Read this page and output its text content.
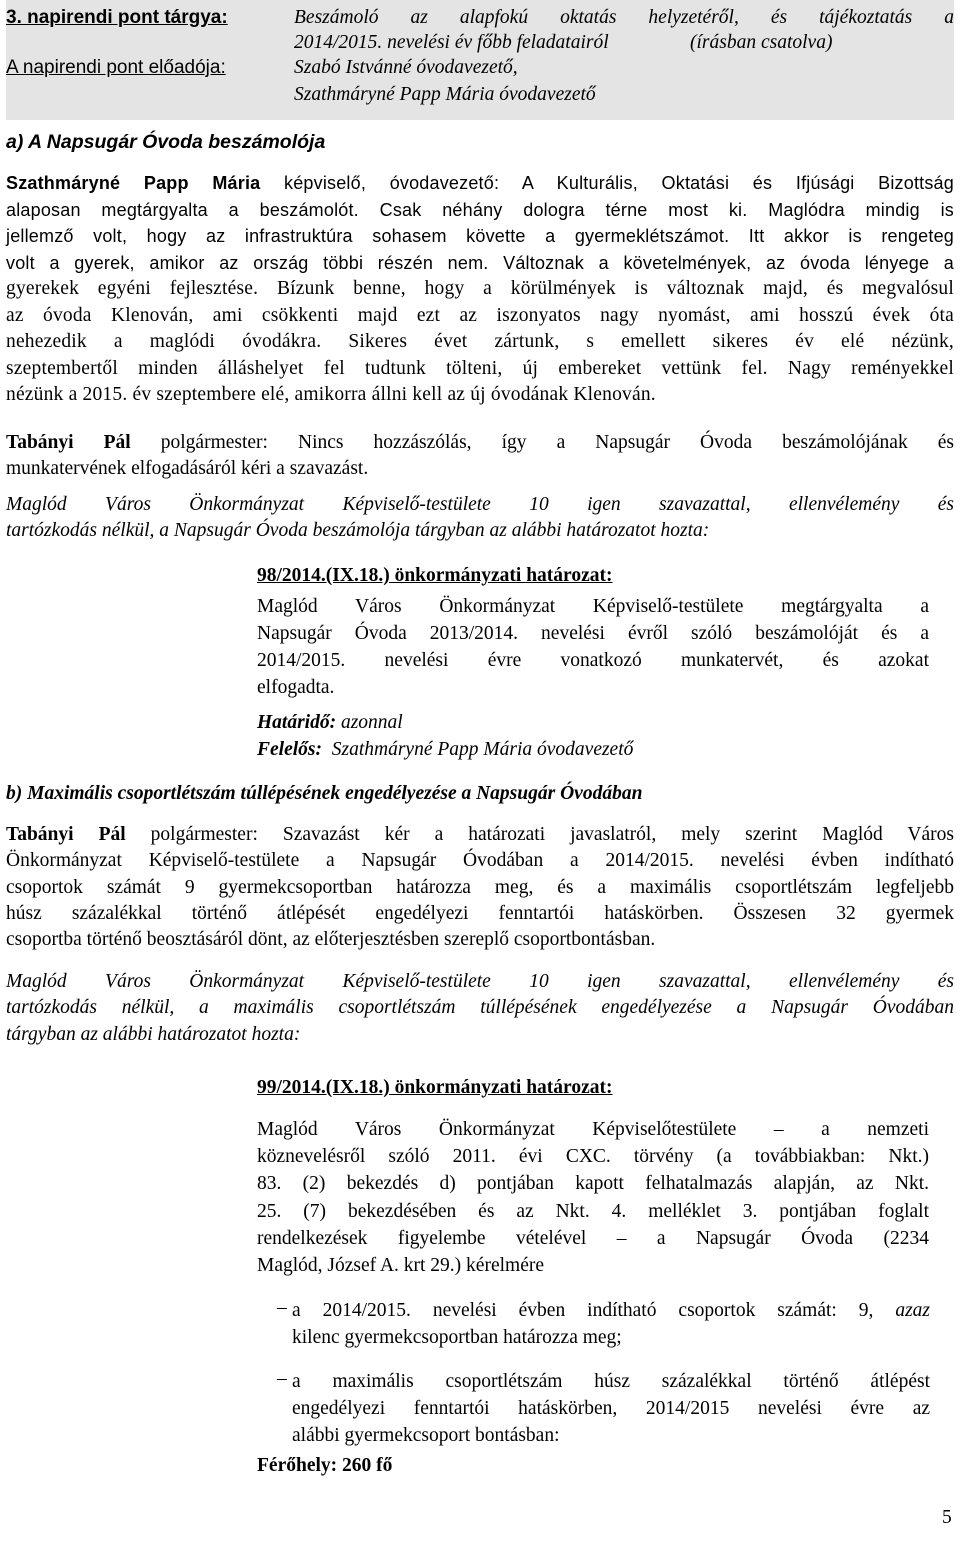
3. napirendi pont tárgya:	Beszámoló az alapfokú oktatás helyzetéről, és tájékoztatás a
2014/2015. nevelési év főbb feladatairól	(írásban csatolva)
A napirendi pont előadója:	Szabó Istvánné óvodavezető,
Szathmáryné Papp Mária óvodavezető
a) A Napsugár Óvoda beszámolója
Szathmáryné Papp Mária képviselő, óvodavezető: A Kulturális, Oktatási és Ifjúsági Bizottság
alaposan megtárgyalta a beszámolót. Csak néhány dologra térne most ki. Maglódra mindig is
jellemző volt, hogy az infrastruktúra sohasem követte a gyermeklétszámot. Itt akkor is rengeteg
volt a gyerek, amikor az ország többi részén nem. Változnak a követelmények, az óvoda lényege a
gyerekek egyéni fejlesztése. Bízunk benne, hogy a körülmények is változnak majd, és megvalósul
az óvoda Klenován, ami csökkenti majd ezt az iszonyatos nagy nyomást, ami hosszú évek óta
nehezedik a maglódi óvodákra. Sikeres évet zártunk, s emellett sikeres év elé nézünk,
szeptembertől minden álláshelyet fel tudtunk tölteni, új embereket vettünk fel. Nagy reményekkel
nézünk a 2015. év szeptembere elé, amikorra állni kell az új óvodának Klenován.
Tabányi Pál polgármester: Nincs hozzászólás, így a Napsugár Óvoda beszámolójának és
munkatervének elfogadásáról kéri a szavazást.
Maglód Város Önkormányzat Képviselő-testülete 10 igen szavazattal, ellenvélemény és
tartózkodás nélkül, a Napsugár Óvoda beszámolója tárgyban az alábbi határozatot hozta:
98/2014.(IX.18.) önkormányzati határozat:
Maglód Város Önkormányzat Képviselő-testülete megtárgyalta a
Napsugár Óvoda 2013/2014. nevelési évről szóló beszámolóját és a
2014/2015. nevelési évre vonatkozó munkatervét, és azokat
elfogadta.
Határidő: azonnal
Felelős: Szathmáryné Papp Mária óvodavezető
b) Maximális csoportlétszám túllépésének engedélyezése a Napsugár Óvodában
Tabányi Pál polgármester: Szavazást kér a határozati javaslatról, mely szerint Maglód Város
Önkormányzat Képviselő-testülete a Napsugár Óvodában a 2014/2015. nevelési évben indítható
csoportok számát 9 gyermekcsoportban határozza meg, és a maximális csoportlétszám legfeljebb
húsz százalékkal történő átlépését engedélyezi fenntartói hatáskörben. Összesen 32 gyermek
csoportba történő beosztásáról dönt, az előterjesztésben szereplő csoportbontásban.
Maglód Város Önkormányzat Képviselő-testülete 10 igen szavazattal, ellenvélemény és
tartózkodás nélkül, a maximális csoportlétszám túllépésének engedélyezése a Napsugár Óvodában
tárgyban az alábbi határozatot hozta:
99/2014.(IX.18.) önkormányzati határozat:
Maglód Város Önkormányzat Képviselőtestülete – a nemzeti
köznevelésről szóló 2011. évi CXC. törvény (a továbbiakban: Nkt.)
83. (2) bekezdés d) pontjában kapott felhatalmazás alapján, az Nkt.
25. (7) bekezdésében és az Nkt. 4. melléklet 3. pontjában foglalt
rendelkezések figyelembe vételével – a Napsugár Óvoda (2234
Maglód, József A. krt 29.) kérelmére
– a 2014/2015. nevelési évben indítható csoportok számát: 9, azaz
kilenc gyermekcsoportban határozza meg;
– a maximális csoportlétszám húsz százalékkal történő átlépést
engedélyezi fenntartói hatáskörben, 2014/2015 nevelési évre az
alábbi gyermekcsoport bontásban:
Férőhely: 260 fő
5
